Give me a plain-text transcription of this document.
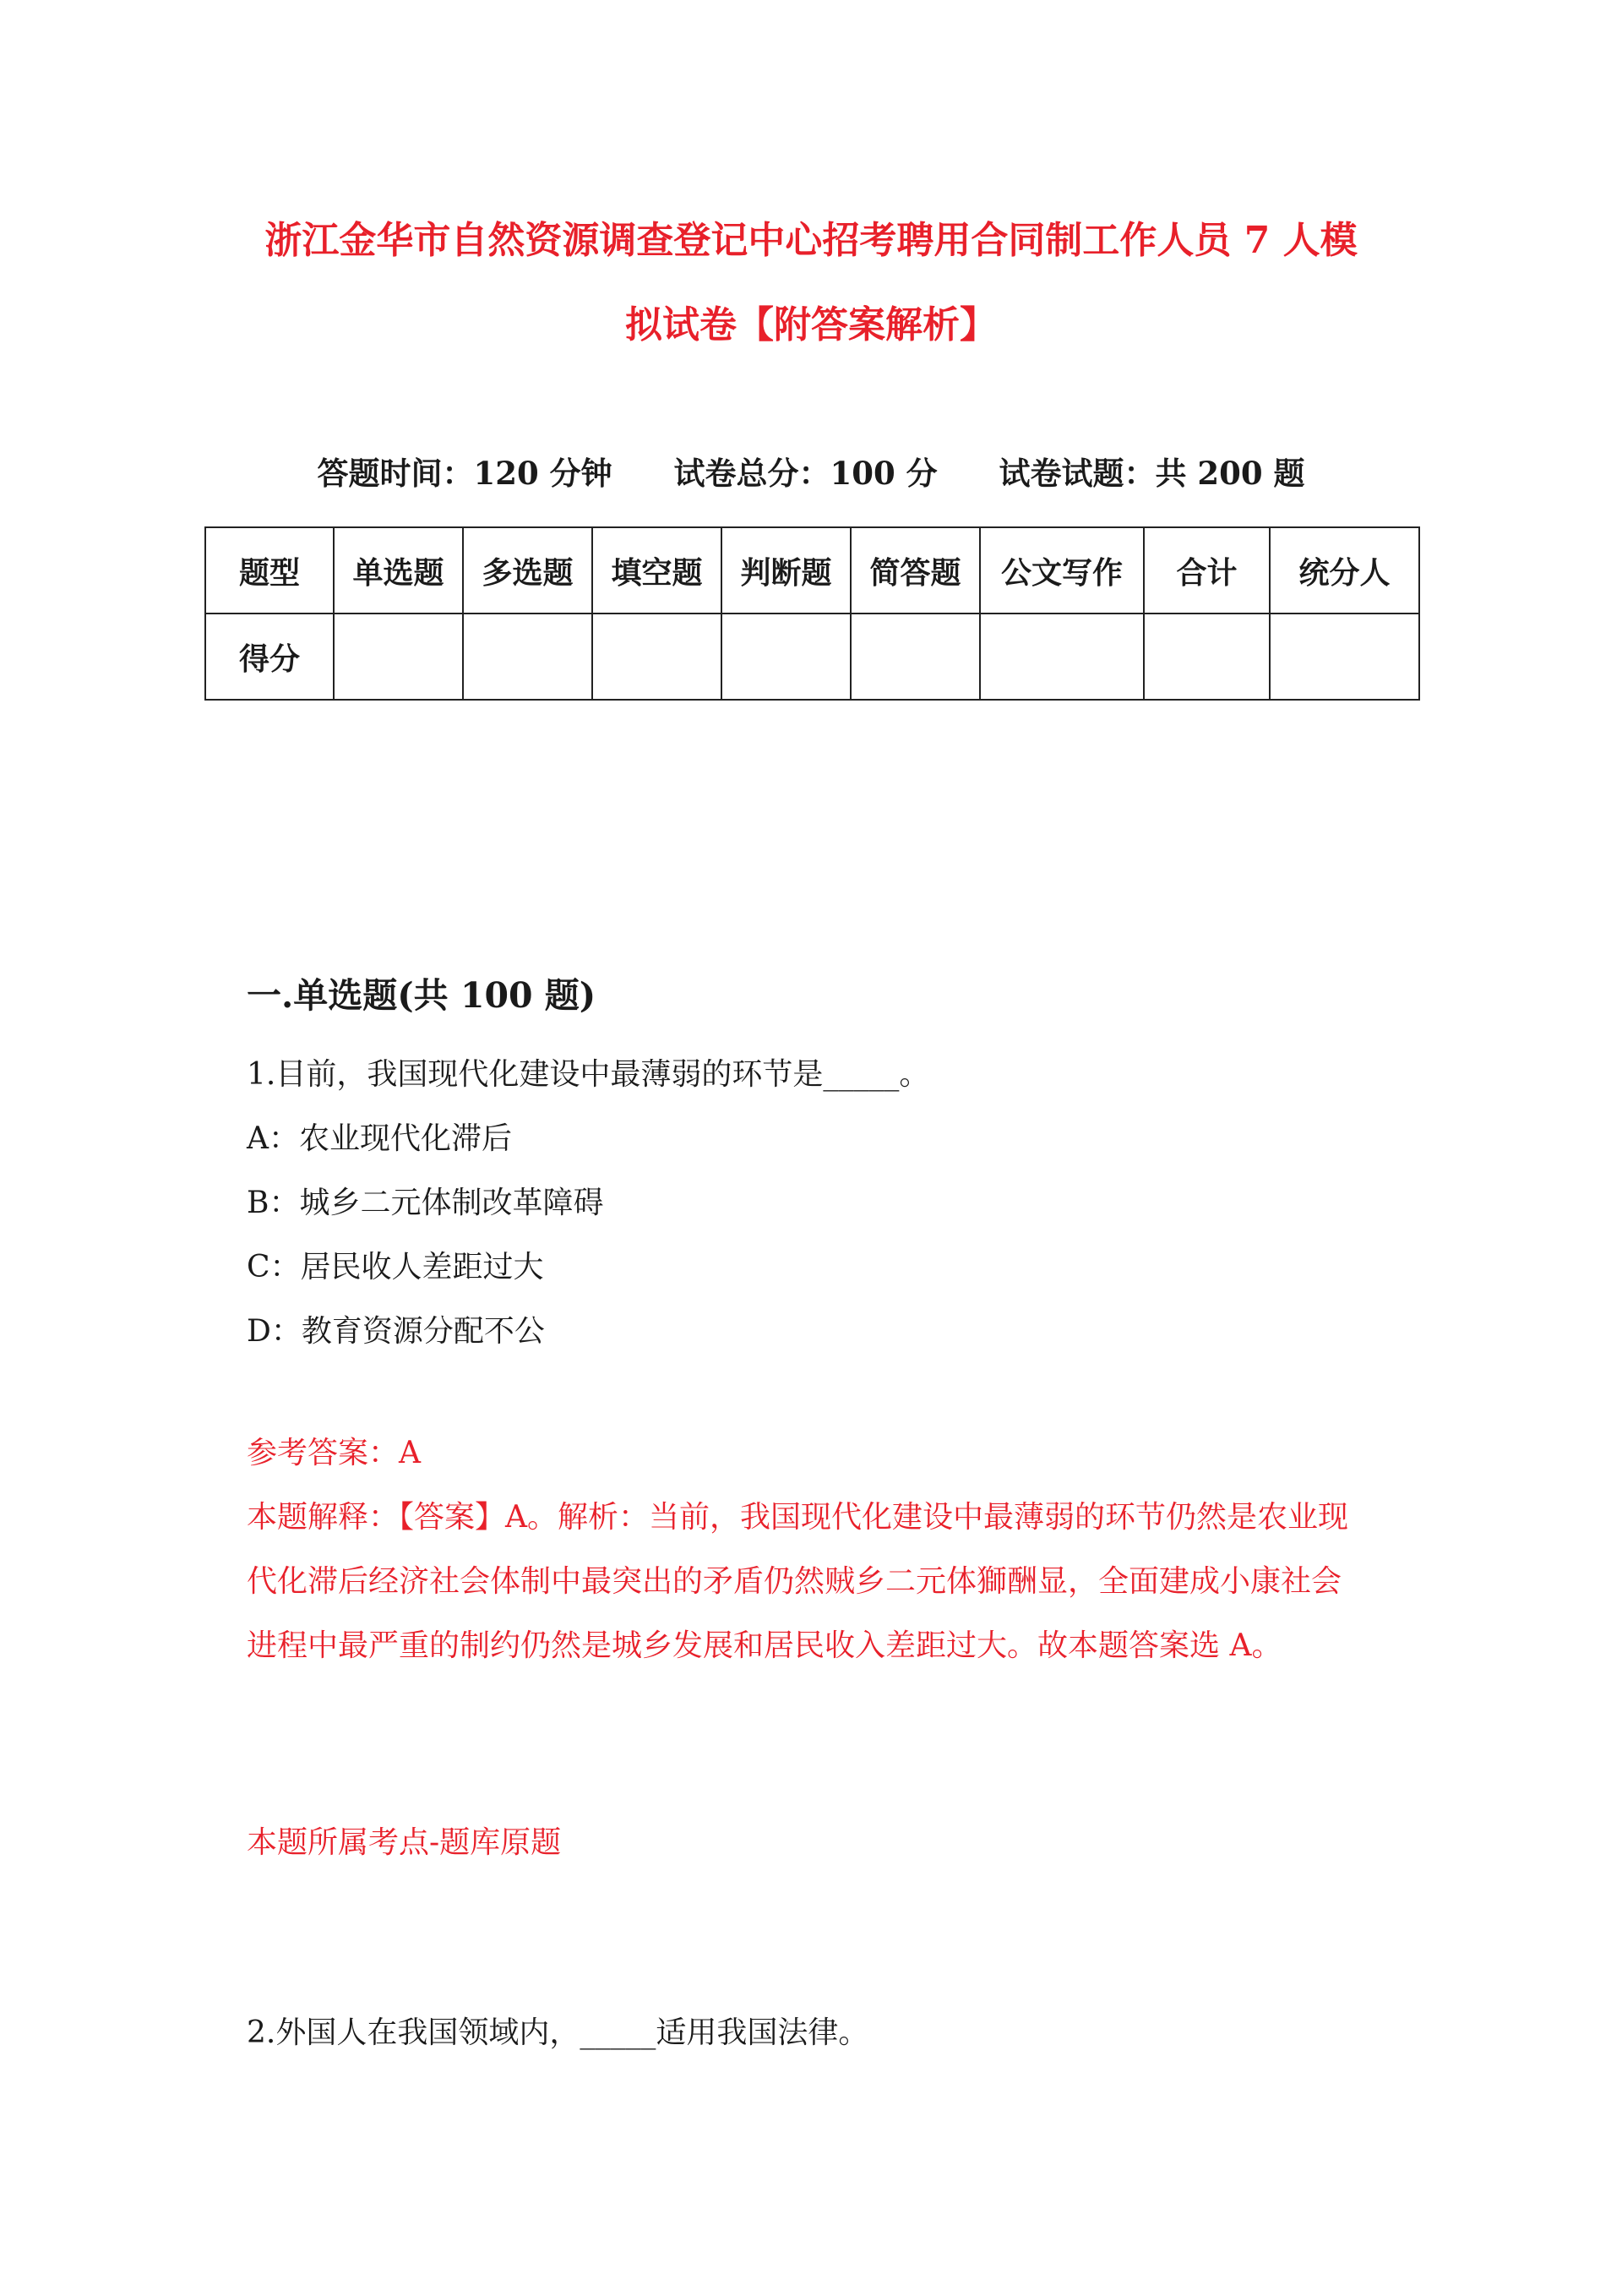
浙江金华市自然资源调查登记中心招考聘用合同制工作人员 7 人模
拟试卷【附答案解析】
答题时间：120 分钟 试卷总分：100 分 试卷试题：共 200 题
题型	单选题	多选题	填空题	判断题	简答题	公文写作	合计	统分人
得分								
一.单选题(共 100 题)
1.目前，我国现代化建设中最薄弱的环节是_____。
A：农业现代化滞后
B：城乡二元体制改革障碍
C：居民收人差距过大
D：教育资源分配不公
参考答案：A
本题解释：【答案】A。解析：当前，我国现代化建设中最薄弱的环节仍然是农业现代化滞后经济社会体制中最突出的矛盾仍然贼乡二元体獅酬显，全面建成小康社会进程中最严重的制约仍然是城乡发展和居民收入差距过大。故本题答案选 A。
本题所属考点-题库原题
2.外国人在我国领域内，_____适用我国法律。
